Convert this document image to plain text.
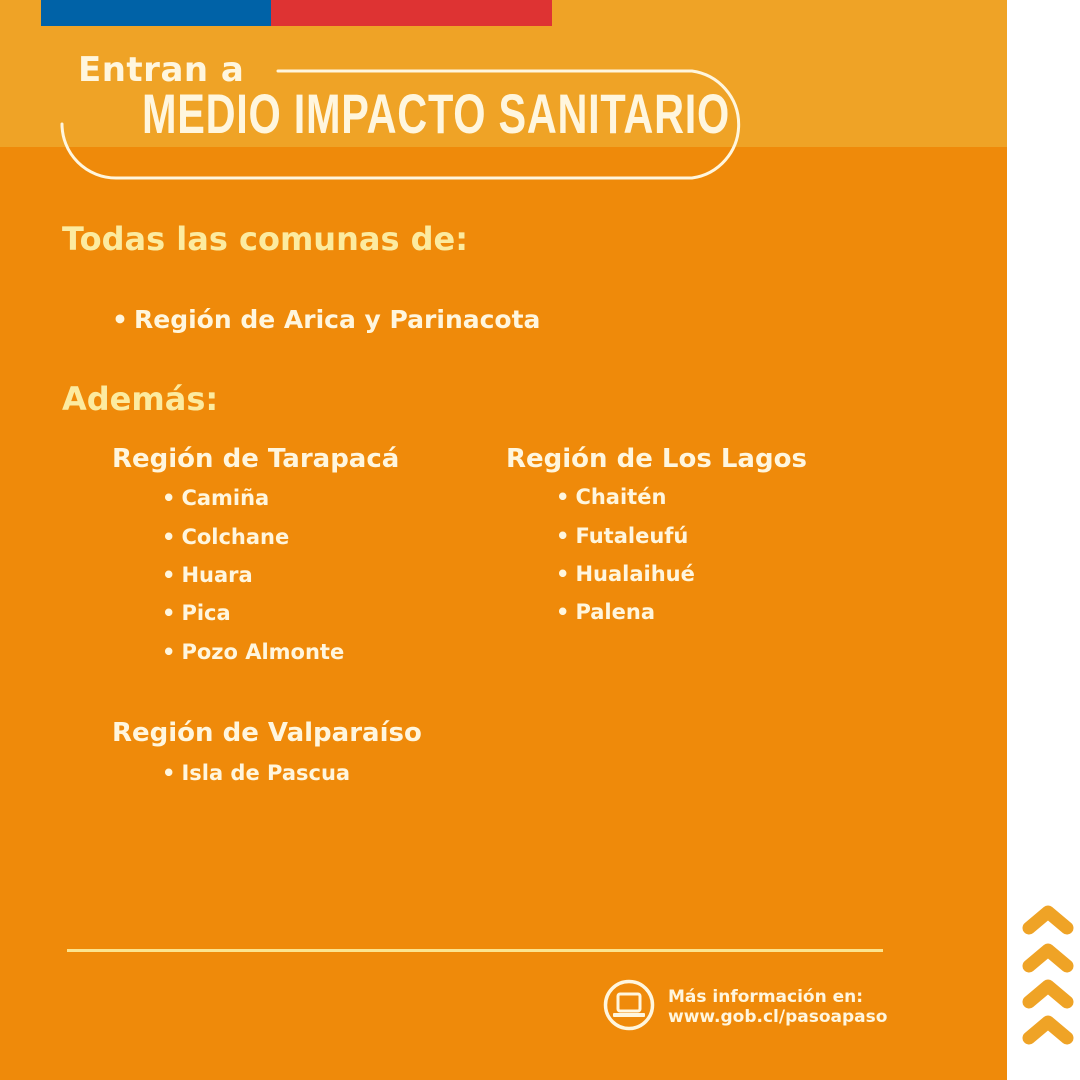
Entran a
MEDIO IMPACTO SANITARIO
Todas las comunas de:
• Región de Arica y Parinacota
Además:
Región de Tarapacá
• Camiña
• Colchane
• Huara
• Pica
• Pozo Almonte
Región de Los Lagos
• Chaitén
• Futaleufú
• Hualaihué
• Palena
Región de Valparaíso
• Isla de Pascua
Más información en:
www.gob.cl/pasoapaso
